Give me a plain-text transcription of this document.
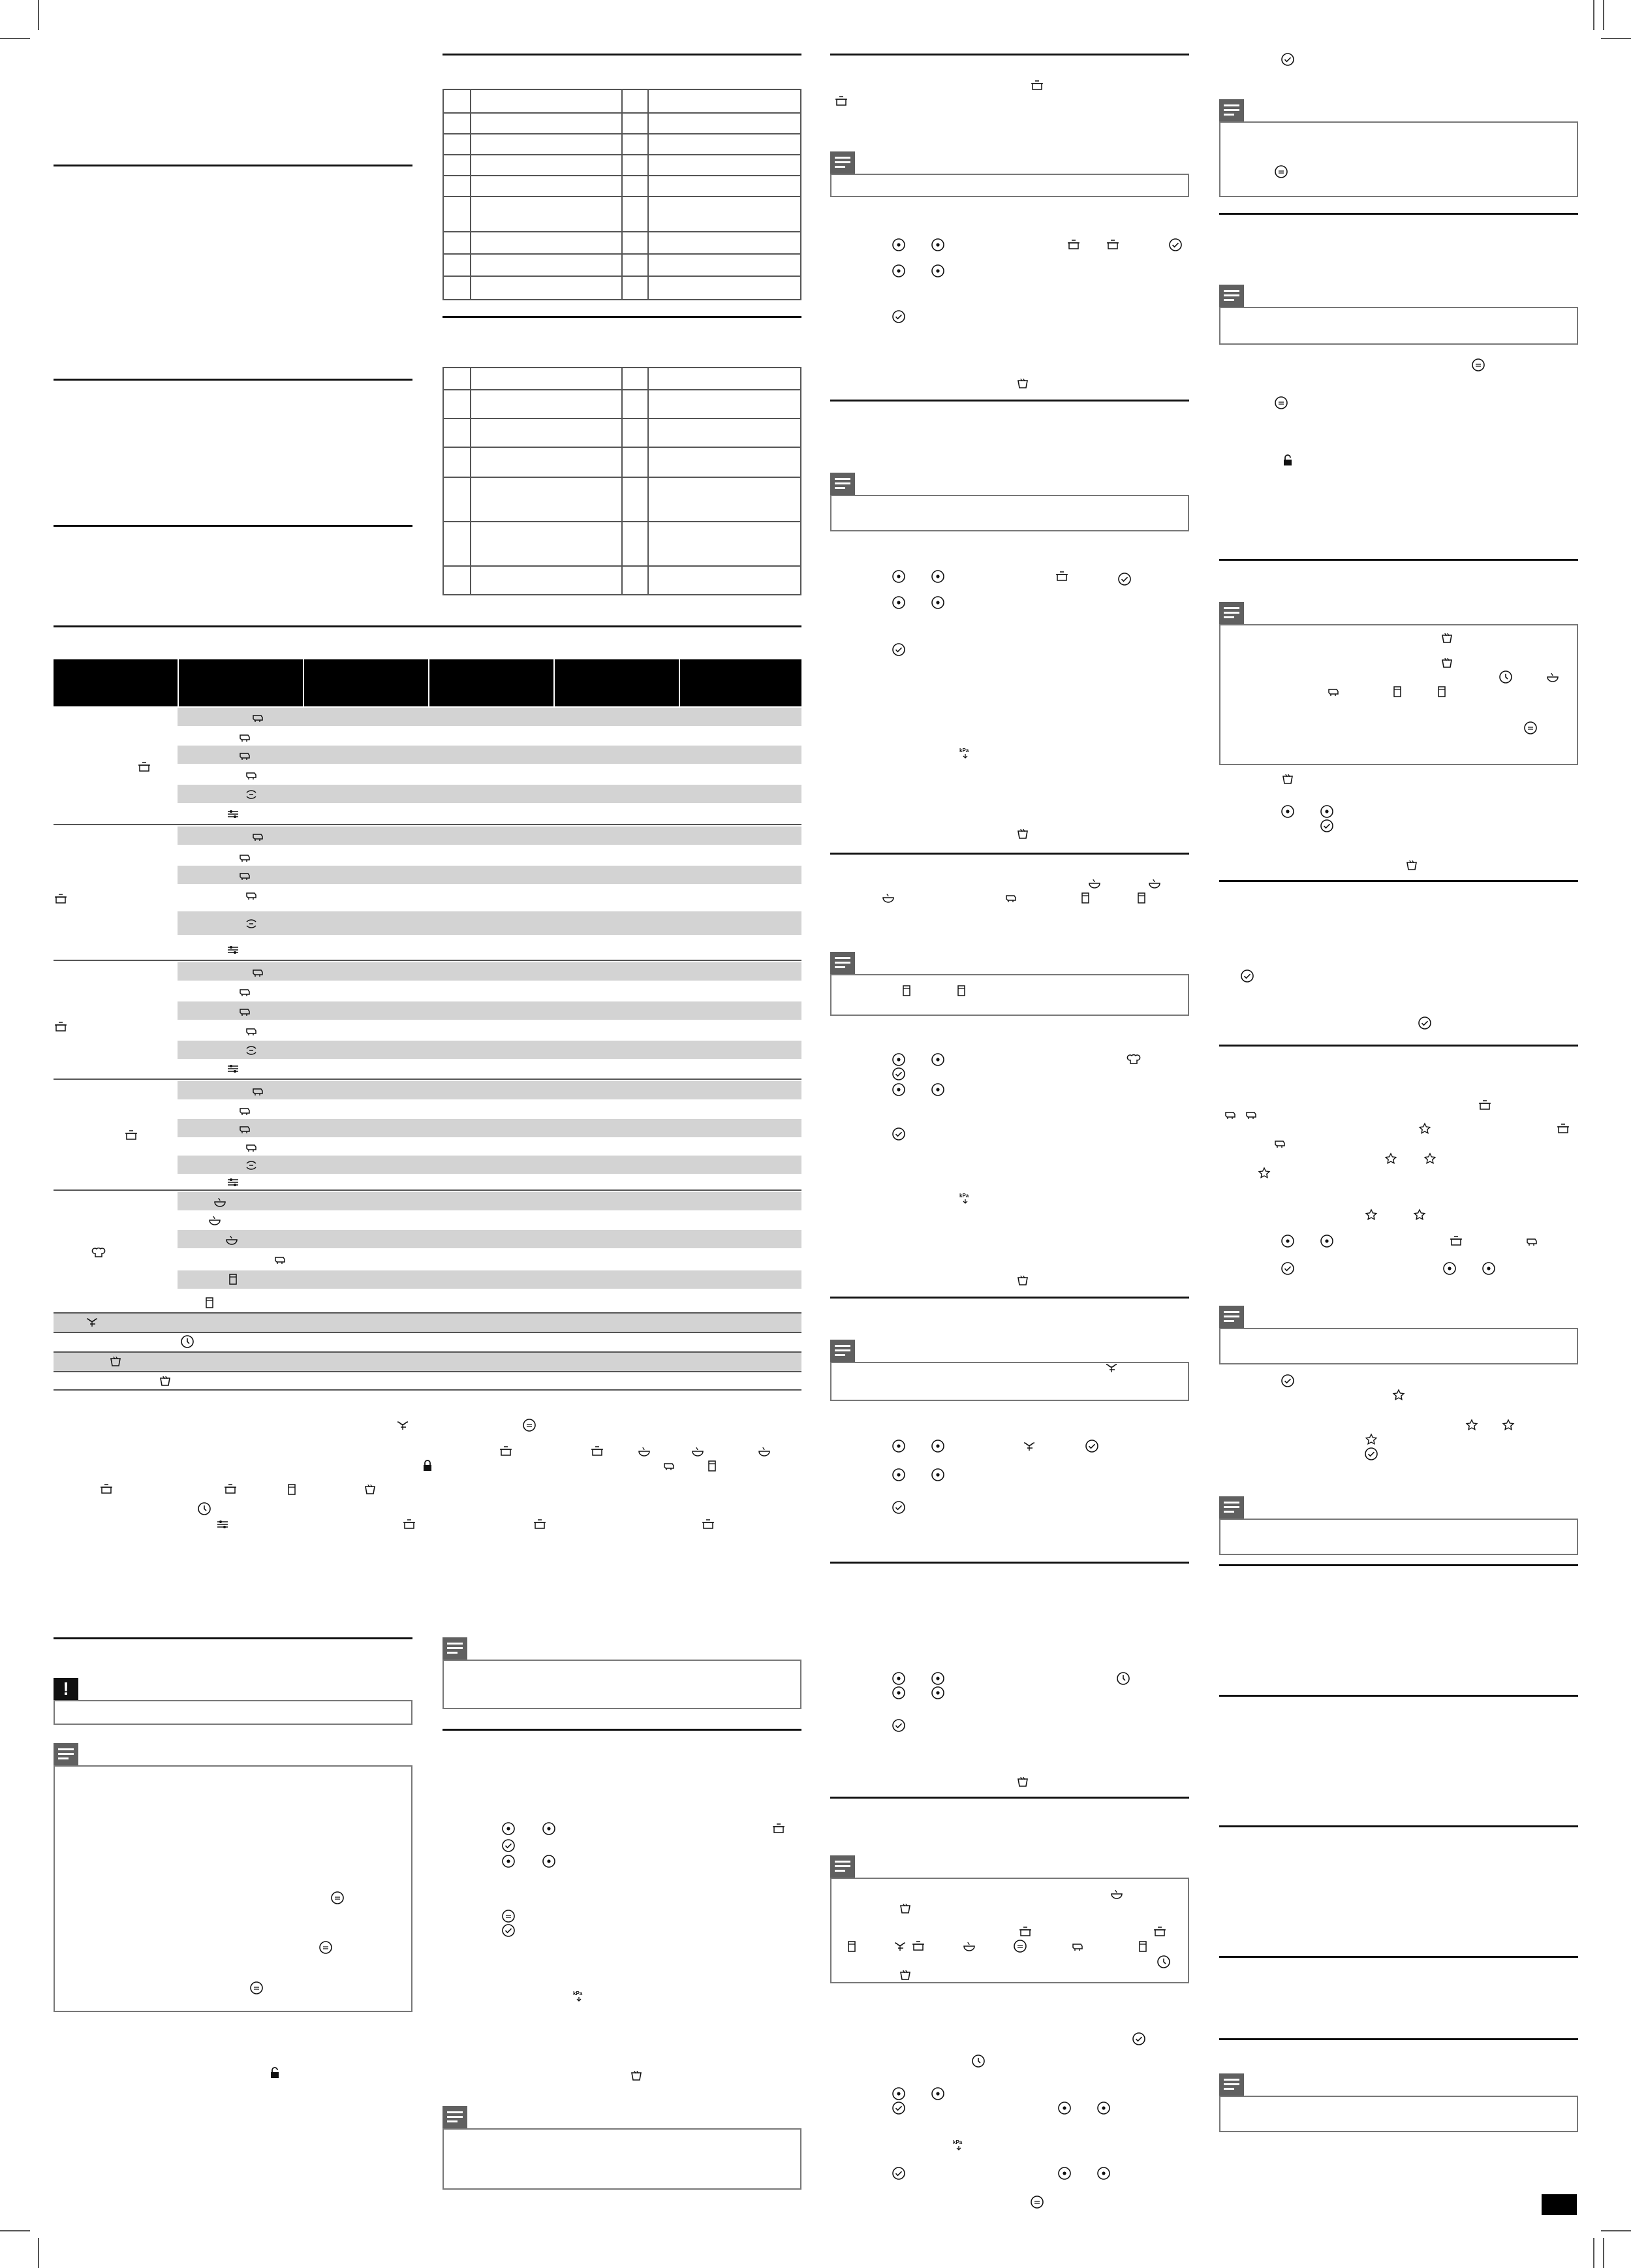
!
kPa
kPa
kPa
kPa
